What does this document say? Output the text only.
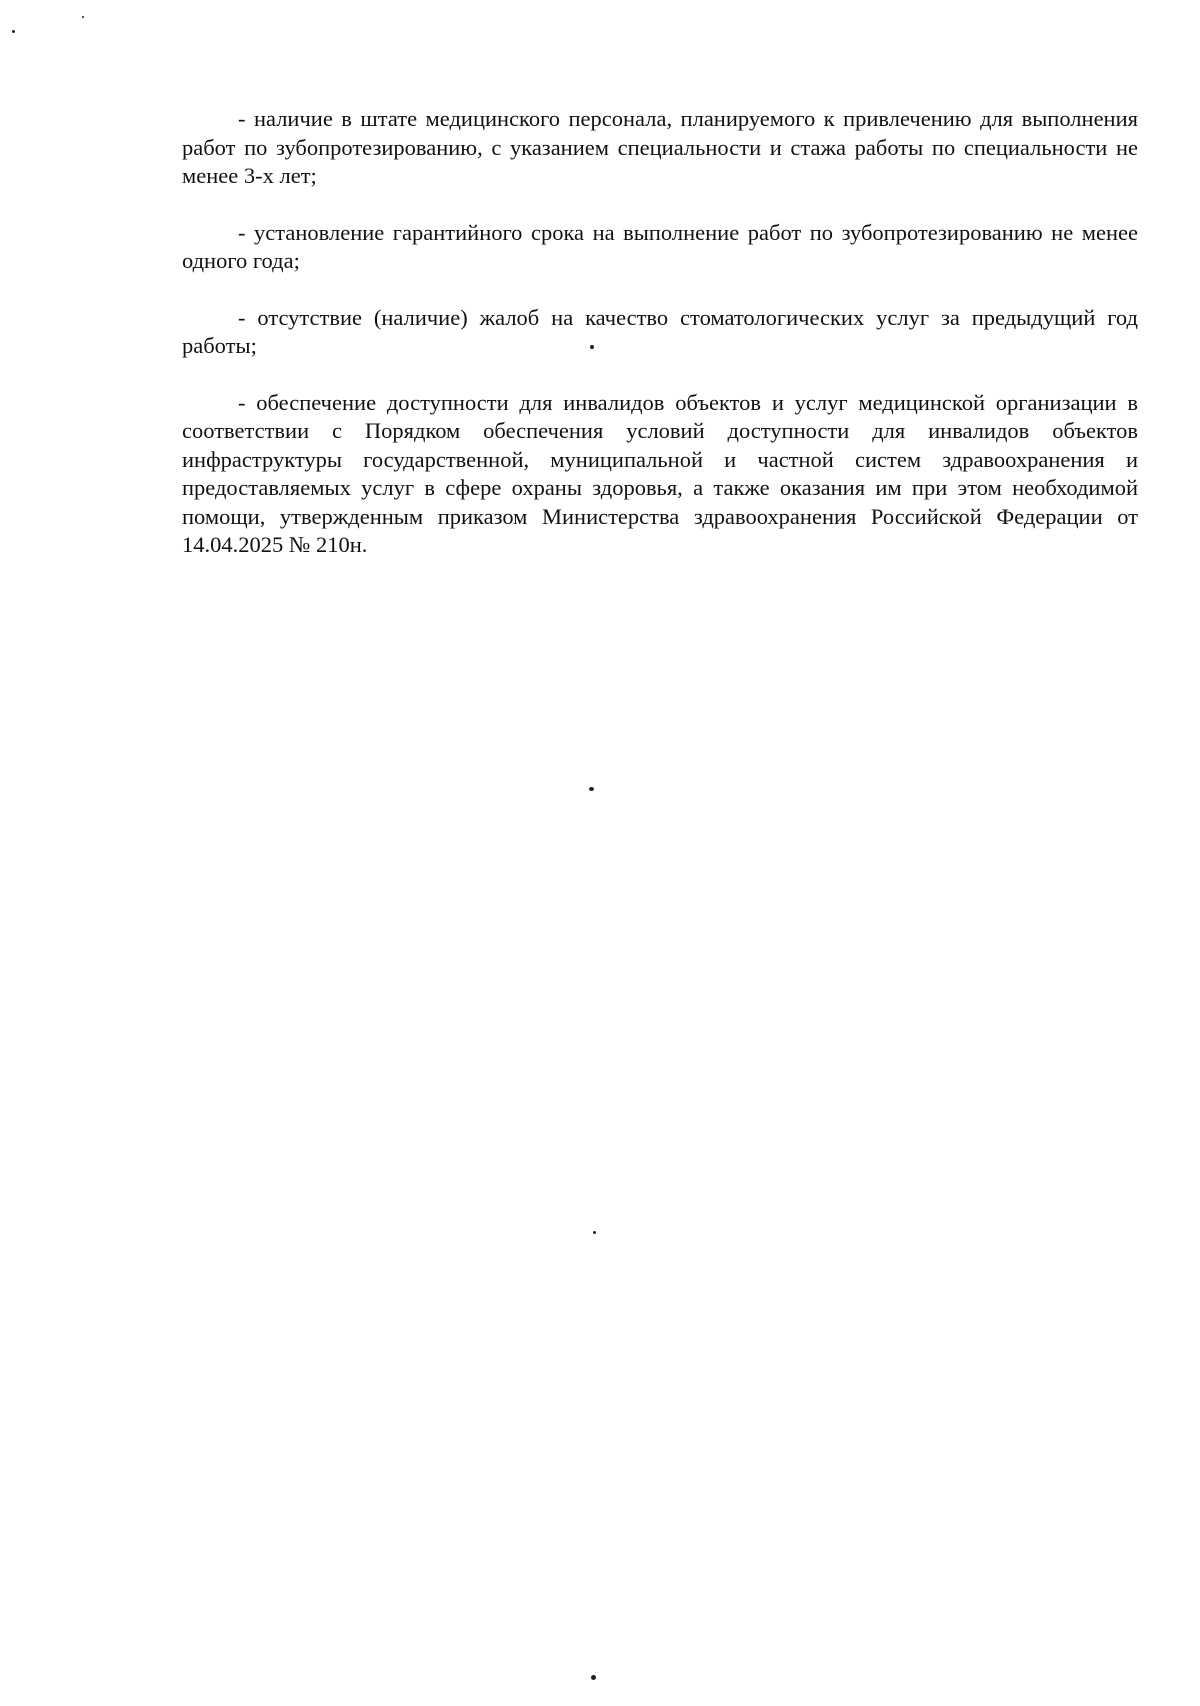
- наличие в штате медицинского персонала, планируемого к привлечению для выполнения работ по зубопротезированию, с указанием специальности и стажа работы по специальности не менее 3-х лет;

- установление гарантийного срока на выполнение работ по зубопротезированию не менее одного года;

- отсутствие (наличие) жалоб на качество стоматологических услуг за предыдущий год работы;

- обеспечение доступности для инвалидов объектов и услуг медицинской организации в соответствии с Порядком обеспечения условий доступности для инвалидов объектов инфраструктуры государственной, муниципальной и частной систем здравоохранения и предоставляемых услуг в сфере охраны здоровья, а также оказания им при этом необходимой помощи, утвержденным приказом Министерства здравоохранения Российской Федерации от 14.04.2025 № 210н.
